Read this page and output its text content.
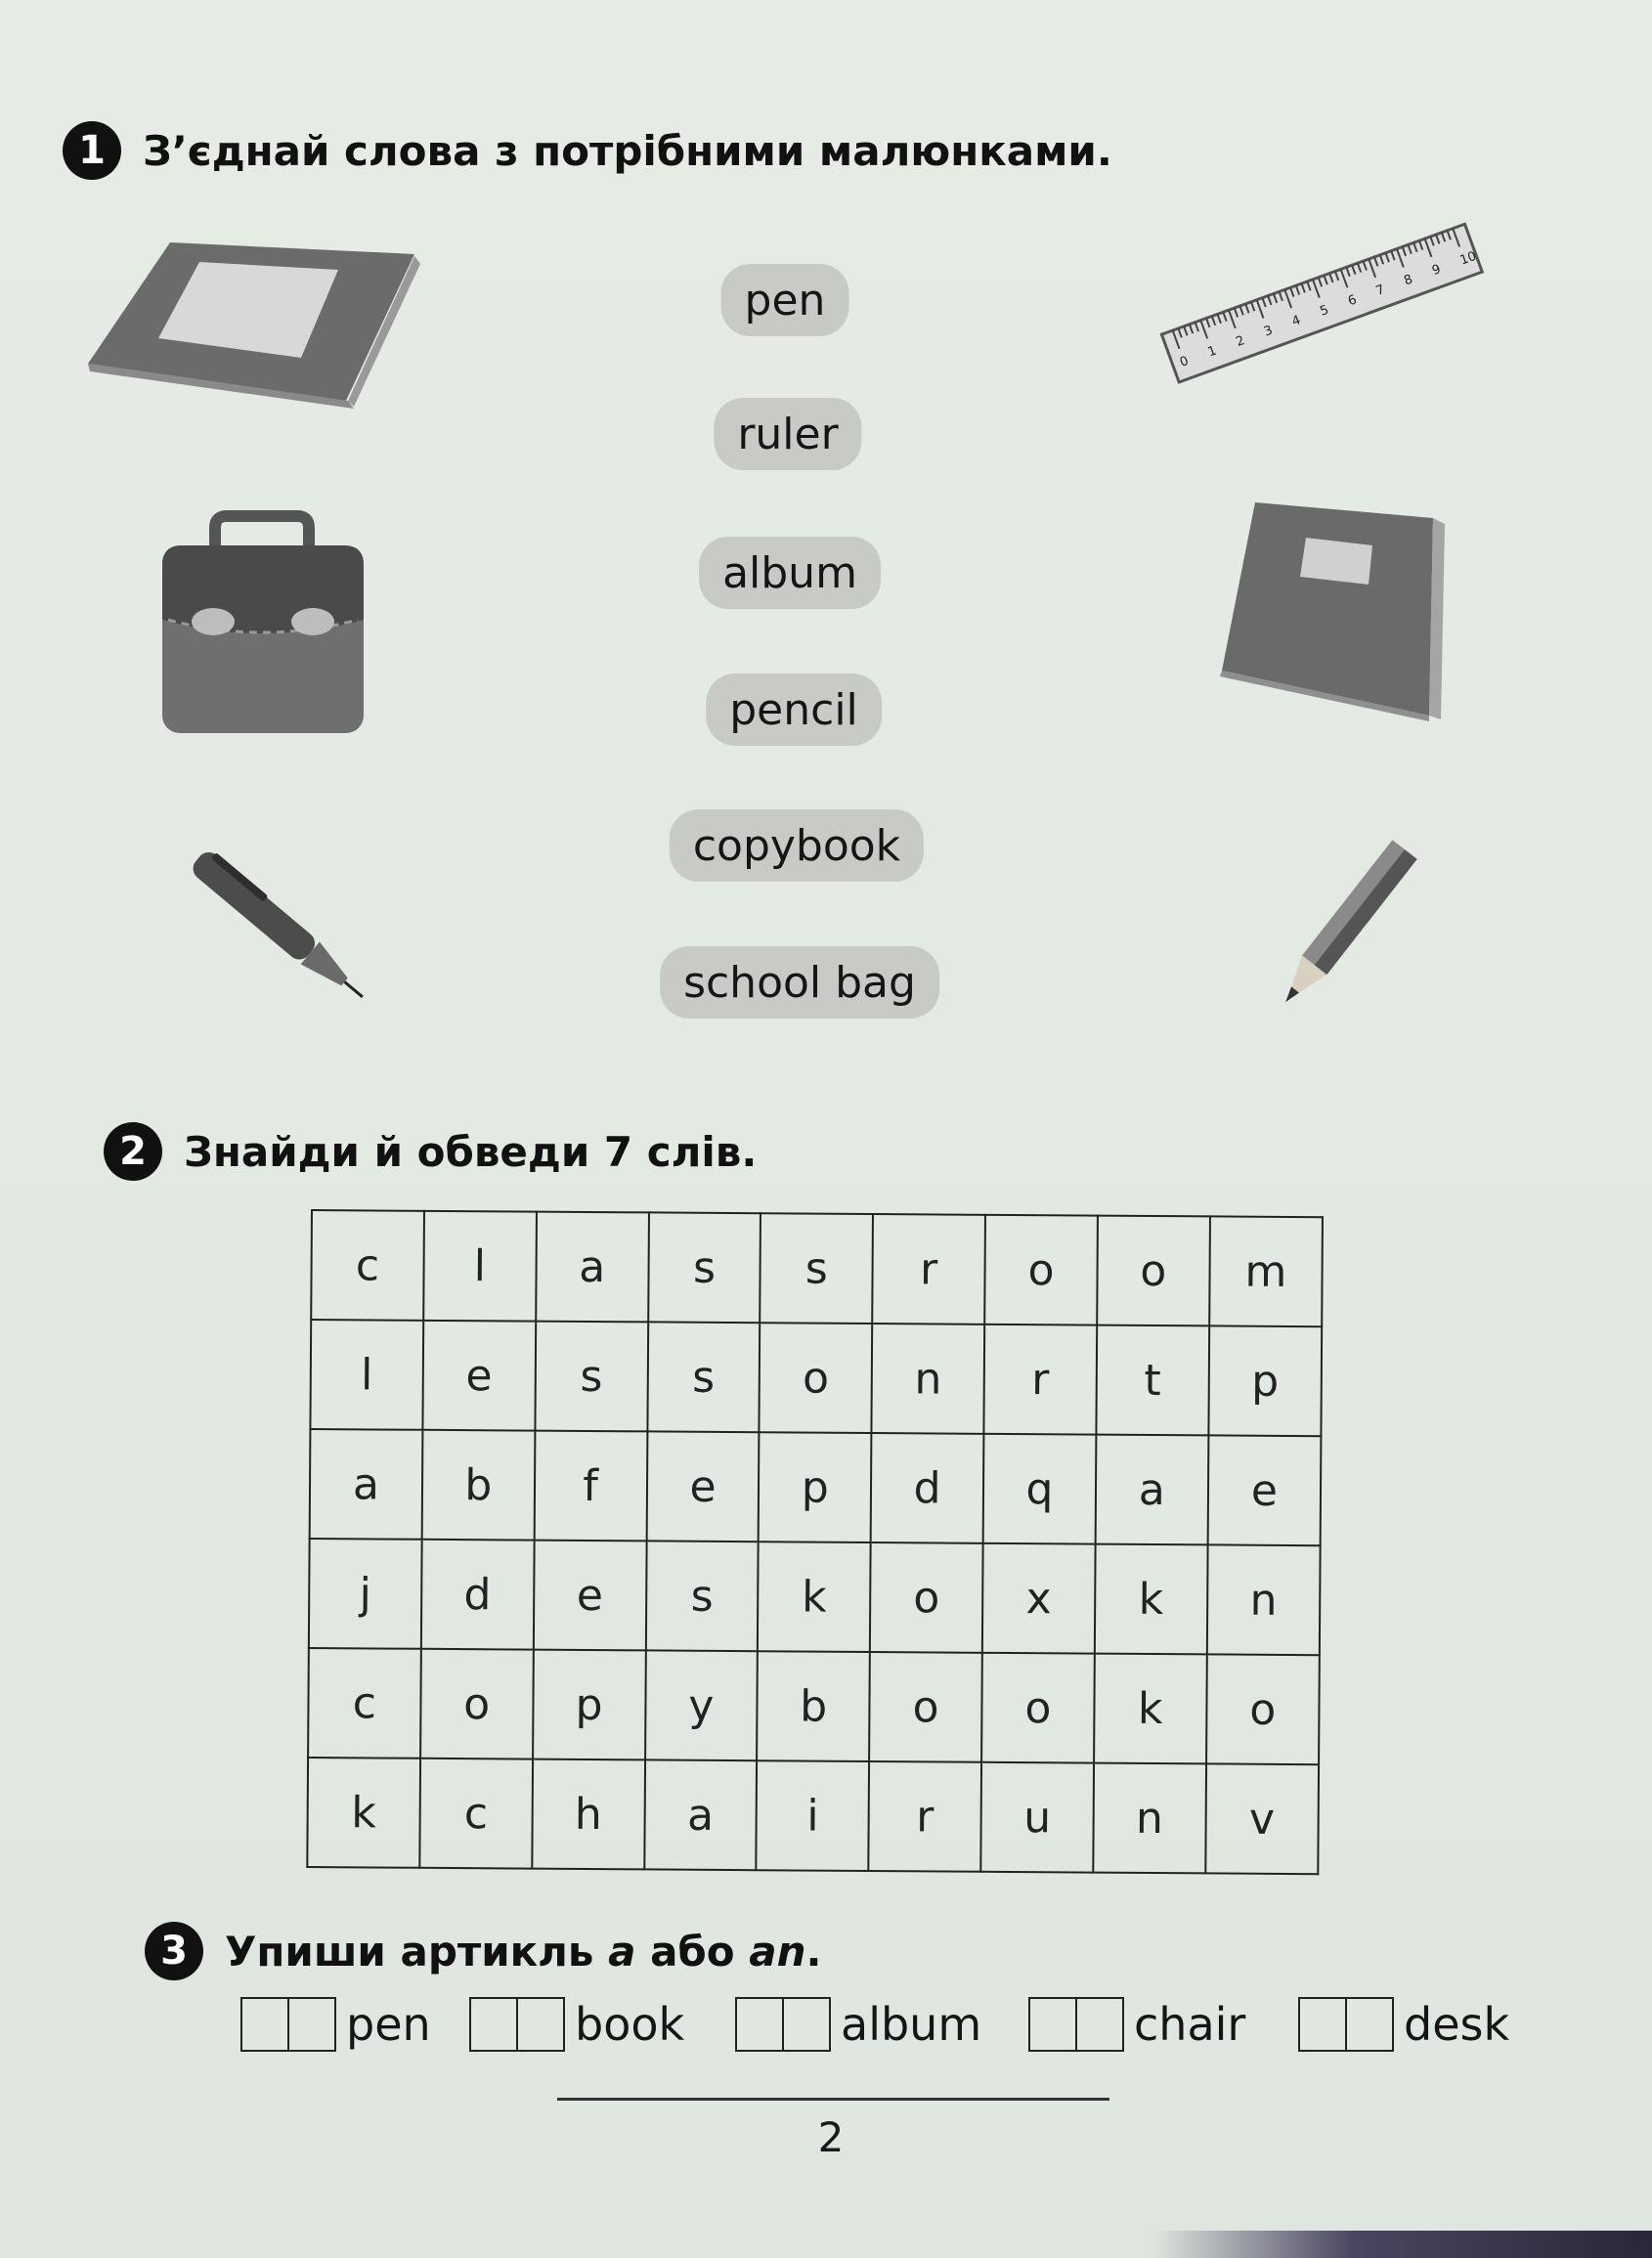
1 З’єднай слова з потрібними малюнками.
pen
ruler
album
pencil
copybook
school bag
0
1
2
3
4
5
6
7
8
9
10
2 Знайди й обведи 7 слів.
c	l	a	s	s	r	o	o	m
l	e	s	s	o	n	r	t	p
a	b	f	e	p	d	q	a	e
j	d	e	s	k	o	x	k	n
c	o	p	y	b	o	o	k	o
k	c	h	a	i	r	u	n	v
3 Упиши артикль a або an.
pen	book	album	chair	desk
2
